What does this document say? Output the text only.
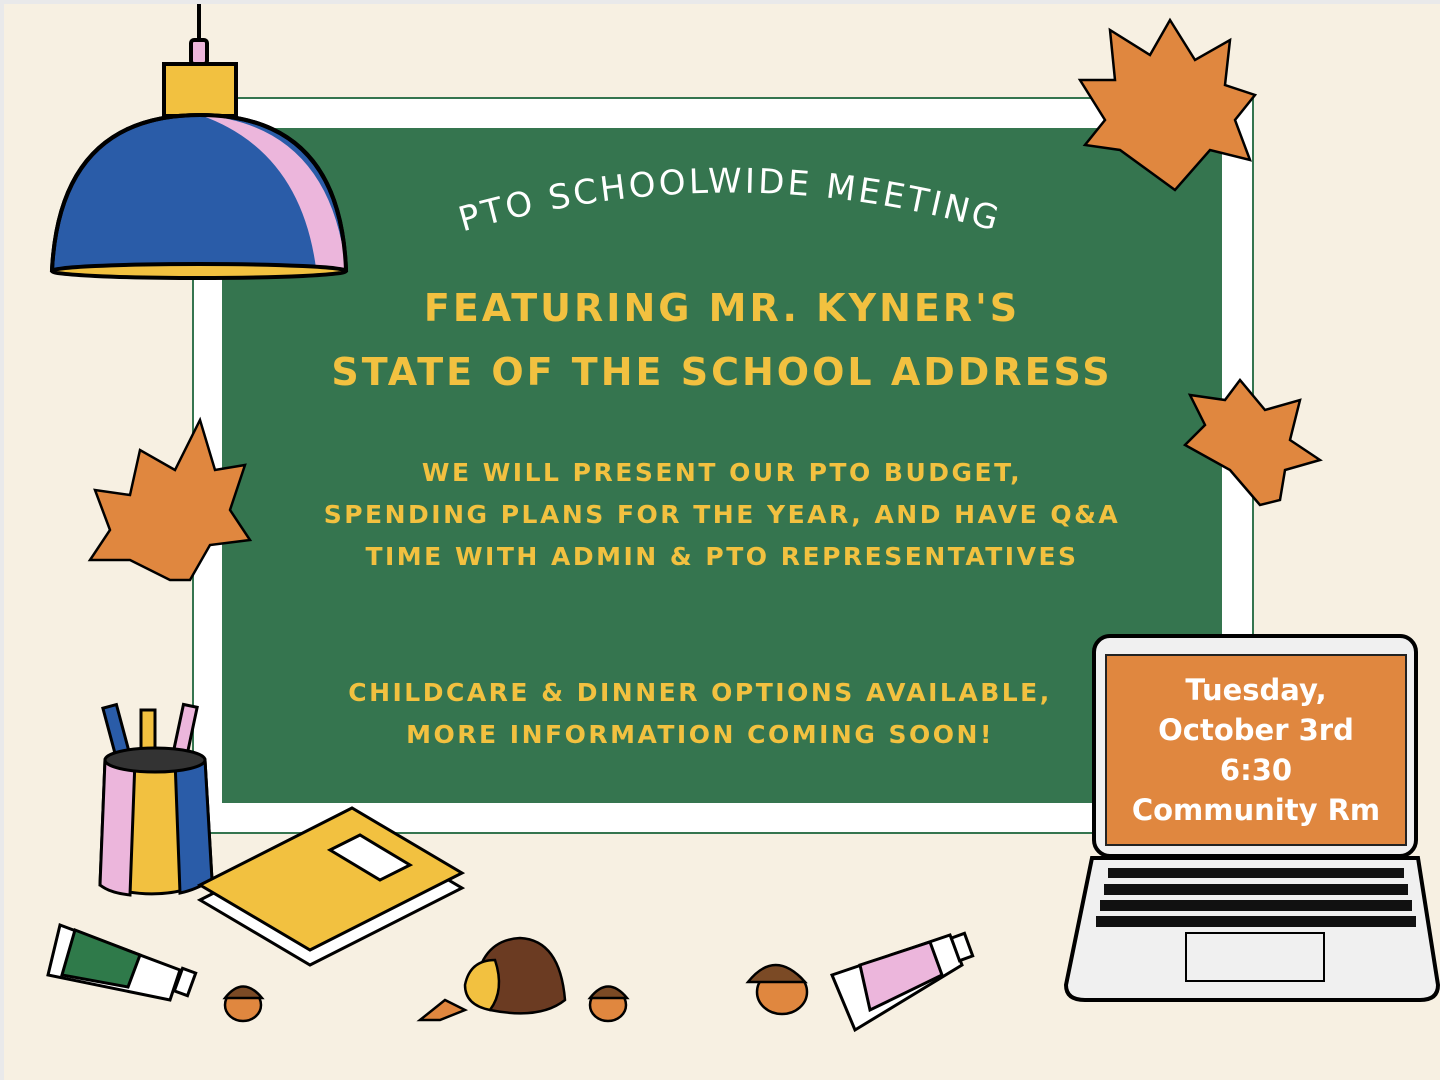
PTO SCHOOLWIDE MEETING
FEATURING MR. KYNER'S
STATE OF THE SCHOOL ADDRESS
WE WILL PRESENT OUR PTO BUDGET,
SPENDING PLANS FOR THE YEAR, AND HAVE Q&A
TIME WITH ADMIN & PTO REPRESENTATIVES
CHILDCARE & DINNER OPTIONS AVAILABLE,
MORE INFORMATION COMING SOON!
Tuesday,
October 3rd
6:30
Community Rm
